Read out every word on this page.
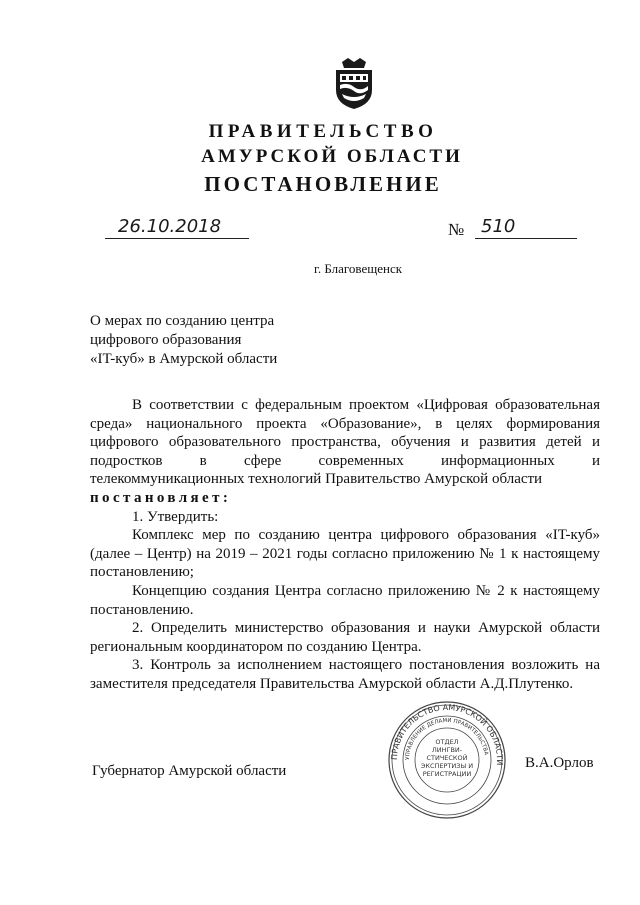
ПРАВИТЕЛЬСТВО
АМУРСКОЙ ОБЛАСТИ
ПОСТАНОВЛЕНИЕ
26.10.2018	№ 510
г. Благовещенск
О мерах по созданию центра
цифрового образования
«IT-куб» в Амурской области

В соответствии с федеральным проектом «Цифровая образовательная среда» национального проекта «Образование», в целях формирования цифрового образовательного пространства, обучения и развития детей и подростков в сфере современных информационных и

телекоммуникационных технологий Правительство Амурской области

постановляет:

1. Утвердить:

Комплекс мер по созданию центра цифрового образования «IT-куб» (далее – Центр) на 2019 – 2021 годы согласно приложению № 1 к настоящему постановлению;

Концепцию создания Центра согласно приложению № 2 к настоящему постановлению.

2. Определить министерство образования и науки Амурской области региональным координатором по созданию Центра.

3. Контроль за исполнением настоящего постановления возложить на заместителя председателя Правительства Амурской области А.Д.Плутенко.

Губернатор Амурской области
ПРАВИТЕЛЬСТВО АМУРСКОЙ ОБЛАСТИ
УПРАВЛЕНИЕ ДЕЛАМИ ПРАВИТЕЛЬСТВА
ОТДЕЛ
ЛИНГВИ-
СТИЧЕСКОЙ
ЭКСПЕРТИЗЫ И
РЕГИСТРАЦИИ
В.А.Орлов
